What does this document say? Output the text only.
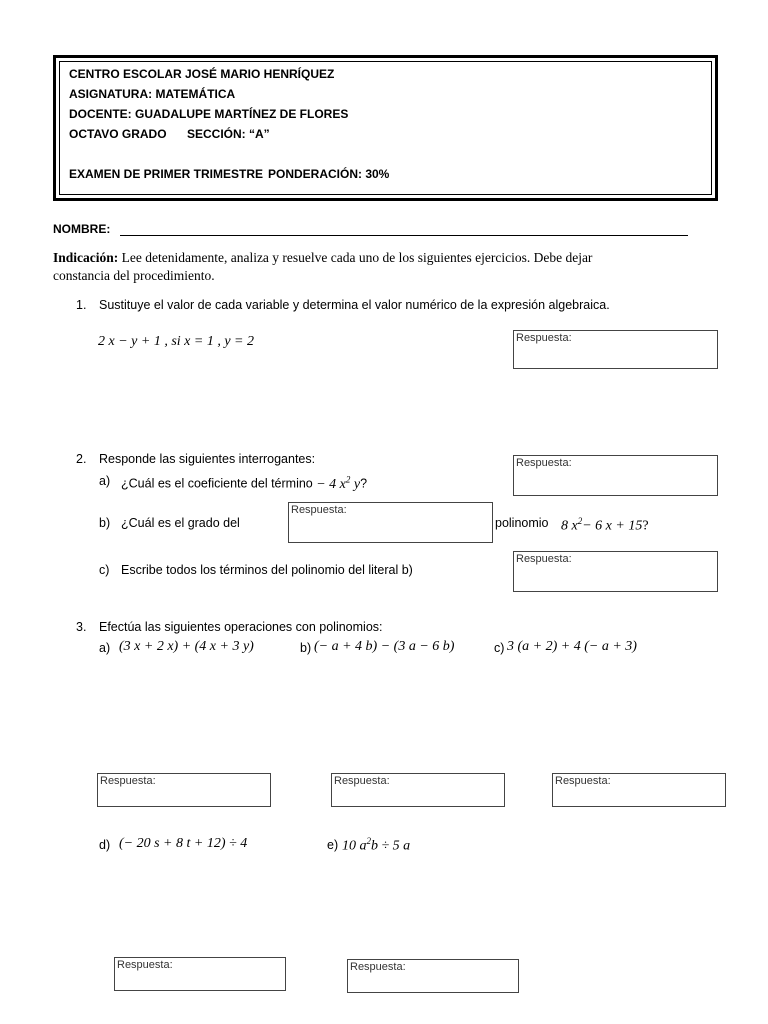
CENTRO ESCOLAR JOSÉ MARIO HENRÍQUEZ
ASIGNATURA: MATEMÁTICA
DOCENTE: GUADALUPE MARTÍNEZ DE FLORES
OCTAVO GRADO SECCIÓN: “A”
EXAMEN DE PRIMER TRIMESTRE PONDERACIÓN: 30%
NOMBRE:
Indicación: Lee detenidamente, analiza y resuelve cada uno de los siguientes ejercicios. Debe dejar
constancia del procedimiento.
1. Sustituye el valor de cada variable y determina el valor numérico de la expresión algebraica.
2 x − y + 1 , si x = 1 , y = 2	Respuesta:
2. Responde las siguientes interrogantes:	Respuesta:
a) ¿Cuál es el coeficiente del término − 4 $x^2$ y?
b) ¿Cuál es el grado del
Respuesta:
polinomio 8 $x^2- 6$ x + 15?
c) Escribe todos los términos del polinomio del literal b)
Respuesta:
3. Efectúa las siguientes operaciones con polinomios:
a) (3 x + 2 x) + (4 x + 3 y)	b) (− a + 4 b) − (3 a − 6 b)	c) 3 (a + 2) + 4 (− a + 3)
Respuesta:	Respuesta:	Respuesta:
d) (− 20 s + 8 t + 12) ÷ 4	e) 10 $a^2b \div 5$ a
Respuesta:	Respuesta:
